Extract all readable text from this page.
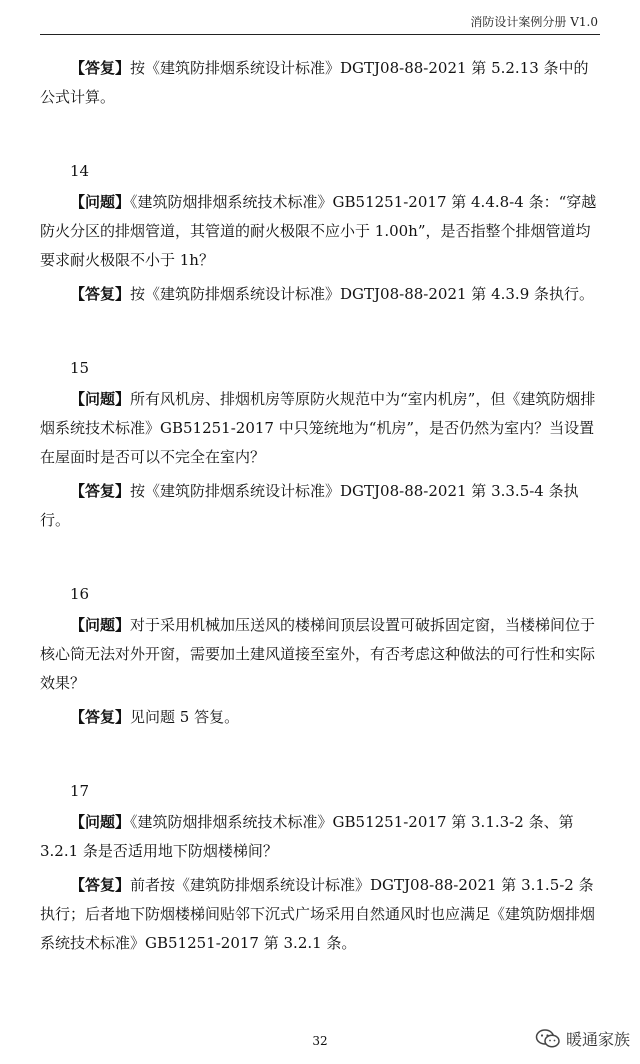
消防设计案例分册 V1.0

【答复】按《建筑防排烟系统设计标准》DGTJ08-88-2021 第 5.2.13 条中的公式计算。

14

【问题】《建筑防烟排烟系统技术标准》GB51251-2017 第 4.4.8-4 条：“穿越防火分区的排烟管道，其管道的耐火极限不应小于 1.00h”，是否指整个排烟管道均要求耐火极限不小于 1h？

【答复】按《建筑防排烟系统设计标准》DGTJ08-88-2021 第 4.3.9 条执行。

15

【问题】所有风机房、排烟机房等原防火规范中为“室内机房”，但《建筑防烟排烟系统技术标准》GB51251-2017 中只笼统地为“机房”，是否仍然为室内？当设置在屋面时是否可以不完全在室内？

【答复】按《建筑防排烟系统设计标准》DGTJ08-88-2021 第 3.3.5-4 条执行。

16

【问题】对于采用机械加压送风的楼梯间顶层设置可破拆固定窗，当楼梯间位于核心筒无法对外开窗，需要加土建风道接至室外，有否考虑这种做法的可行性和实际效果？

【答复】见问题 5 答复。

17

【问题】《建筑防烟排烟系统技术标准》GB51251-2017 第 3.1.3-2 条、第 3.2.1 条是否适用地下防烟楼梯间？

【答复】前者按《建筑防排烟系统设计标准》DGTJ08-88-2021 第 3.1.5-2 条执行；后者地下防烟楼梯间贴邻下沉式广场采用自然通风时也应满足《建筑防烟排烟系统技术标准》GB51251-2017 第 3.2.1 条。

32	暖通家族
